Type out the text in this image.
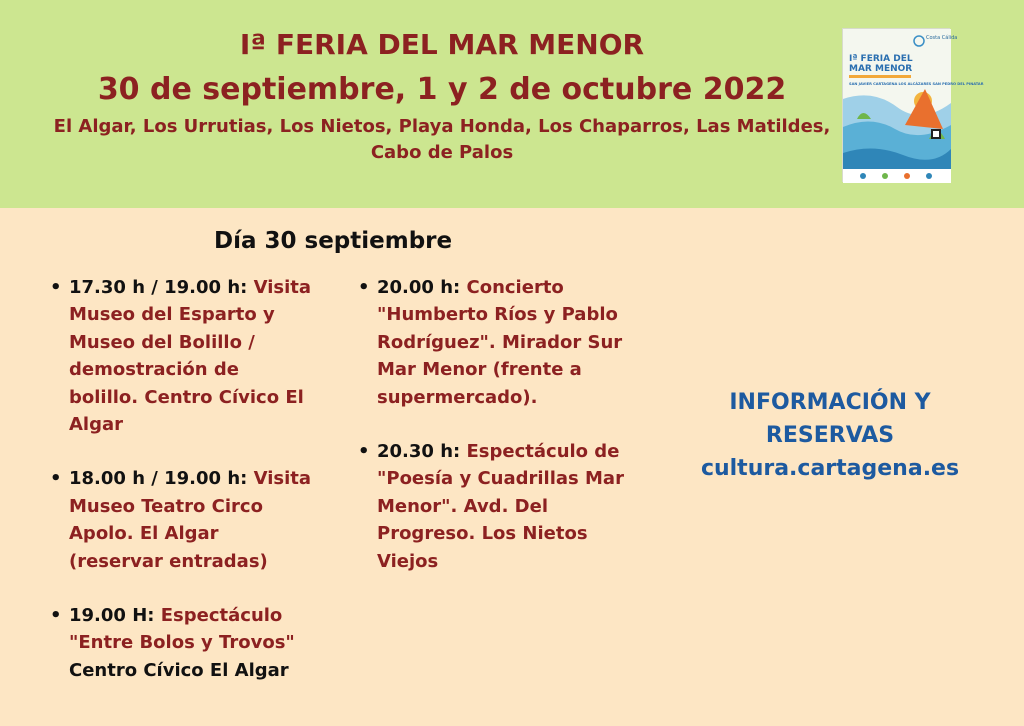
Iª FERIA DEL MAR MENOR
30 de septiembre, 1 y 2 de octubre 2022

El Algar, Los Urrutias, Los Nietos, Playa Honda, Los Chaparros, Las Matildes, Cabo de Palos

Costa Cálida
Iª FERIA DEL
MAR MENOR
SAN JAVIER CARTAGENA LOS ALCÁZARES SAN PEDRO DEL PINATAR
Día 30 septiembre
• 17.30 h / 19.00 h: Visita Museo del Esparto y Museo del Bolillo / demostración de bolillo. Centro Cívico El Algar
• 18.00 h / 19.00 h: Visita Museo Teatro Circo Apolo. El Algar (reservar entradas)
• 19.00 H: Espectáculo "Entre Bolos y Trovos" Centro Cívico El Algar
• 20.00 h: Concierto "Humberto Ríos y Pablo Rodríguez". Mirador Sur Mar Menor (frente a supermercado).
• 20.30 h: Espectáculo de "Poesía y Cuadrillas Mar Menor". Avd. Del Progreso. Los Nietos Viejos
INFORMACIÓN Y
RESERVAS
cultura.cartagena.es
